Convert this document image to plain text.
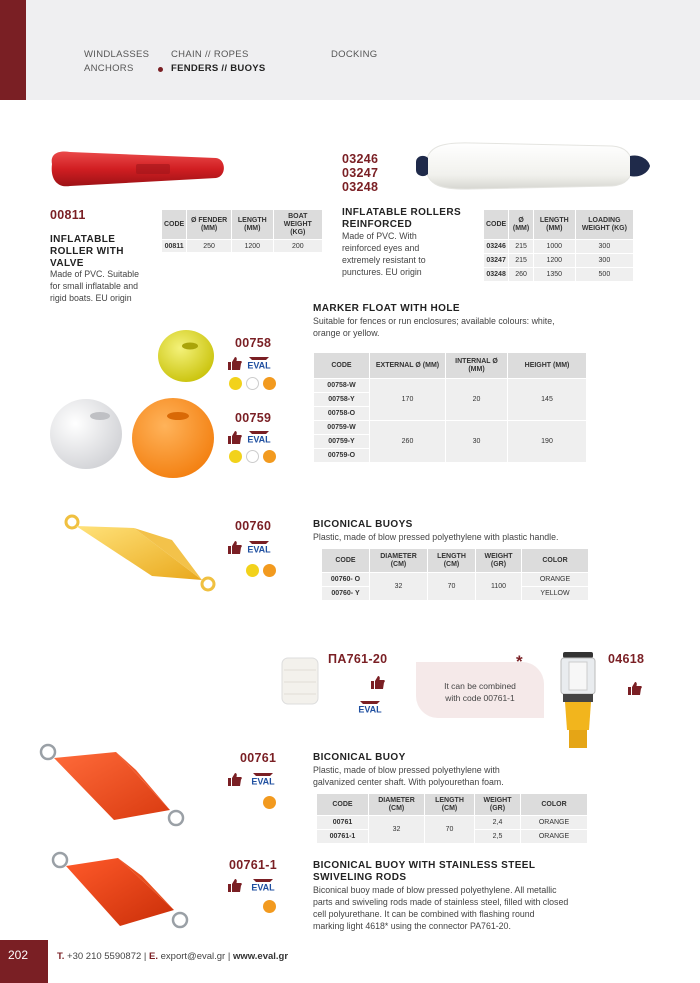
WINDLASSES
ANCHORS
CHAIN // ROPES
FENDERS // BUOYS
DOCKING
00811
INFLATABLE
ROLLER WITH
VALVE
Made of PVC. Suitable
for small inflatable and
rigid boats. EU origin
CODE	Ø FENDER (MM)	LENGTH (MM)	BOAT WEIGHT (KG)
00811	250	1200	200
03246
03247
03248
INFLATABLE ROLLERS
REINFORCED
Made of PVC. With
reinforced eyes and
extremely resistant to
punctures. EU origin
CODE	Ø (MM)	LENGTH (MM)	LOADING WEIGHT (KG)
03246	215	1000	300
03247	215	1200	300
03248	260	1350	500
MARKER FLOAT WITH HOLE
Suitable for fences or run enclosures; available colours: white,
orange or yellow.
00758
EVAL
00759
EVAL
CODE	EXTERNAL Ø (MM)	INTERNAL Ø (MM)	HEIGHT (MM)
00758-W	170	20	145
00758-Y			
00758-O			
00759-W	260	30	190
00759-Y			
00759-O			
00760
EVAL
BICONICAL BUOYS
Plastic, made of blow pressed polyethylene with plastic handle.
CODE	DIAMETER (CM)	LENGTH (CM)	WEIGHT (GR)	COLOR
00760- O	32	70	1100	ORANGE
00760- Y				YELLOW
ΠΑ761-20
EVAL
It can be combined
with code 00761-1
*	04618
00761
EVAL
BICONICAL BUOY
Plastic, made of blow pressed polyethylene with
galvanized center shaft. With polyourethan foam.
CODE	DIAMETER (CM)	LENGTH (CM)	WEIGHT (GR)	COLOR
00761	32	70	2,4	ORANGE
00761-1			2,5	ORANGE
00761-1
EVAL
BICONICAL BUOY WITH STAINLESS STEEL
SWIVELING RODS
Biconical buoy made of blow pressed polyethylene. All metallic
parts and swiveling rods made of stainless steel, filled with closed
cell polyurethane. It can be combined with flashing round
marking light 4618* using the connector PA761-20.
202	T. +30 210 5590872 | E. export@eval.gr | www.eval.gr
